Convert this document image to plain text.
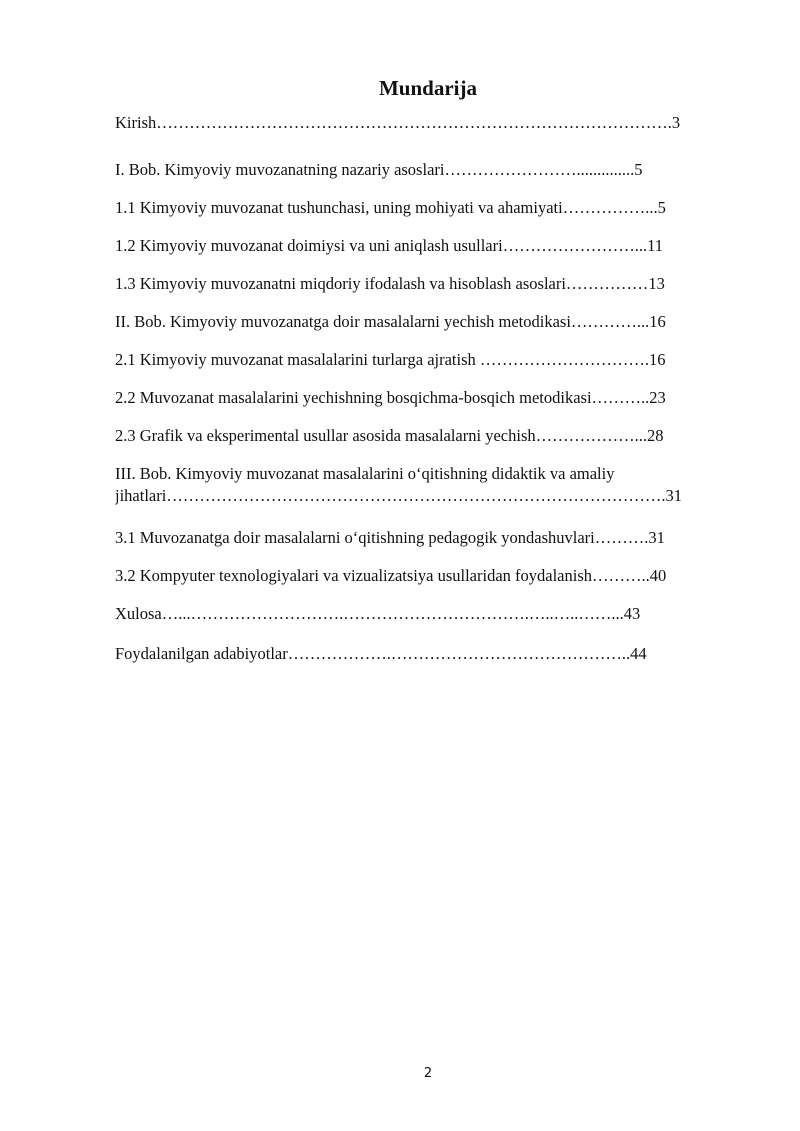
Mundarija
Kirish………………………………………………………………………………….3
I. Bob. Kimyoviy muvozanatning nazariy asoslari……………………..............5
1.1 Kimyoviy muvozanat tushunchasi, uning mohiyati va ahamiyati……………...5
1.2 Kimyoviy muvozanat doimiysi va uni aniqlash usullari……………………...11
1.3 Kimyoviy muvozanatni miqdoriy ifodalash va hisoblash asoslari……………13
II. Bob. Kimyoviy muvozanatga doir masalalarni yechish metodikasi…………...16
2.1 Kimyoviy muvozanat masalalarini turlarga ajratish ………………………….16
2.2 Muvozanat masalalarini yechishning bosqichma-bosqich metodikasi………..23
2.3 Grafik va eksperimental usullar asosida masalalarni yechish………………...28
III. Bob. Kimyoviy muvozanat masalalarini oʻqitishning didaktik va amaliy jihatlari……………………………………………………………………………….31
3.1 Muvozanatga doir masalalarni oʻqitishning pedagogik yondashuvlari……….31
3.2 Kompyuter texnologiyalari va vizualizatsiya usullaridan foydalanish………..40
Xulosa…...……………………….…………………………….…..…..……...43
Foydalanilgan adabiyotlar……………….……………………………………..44
2
